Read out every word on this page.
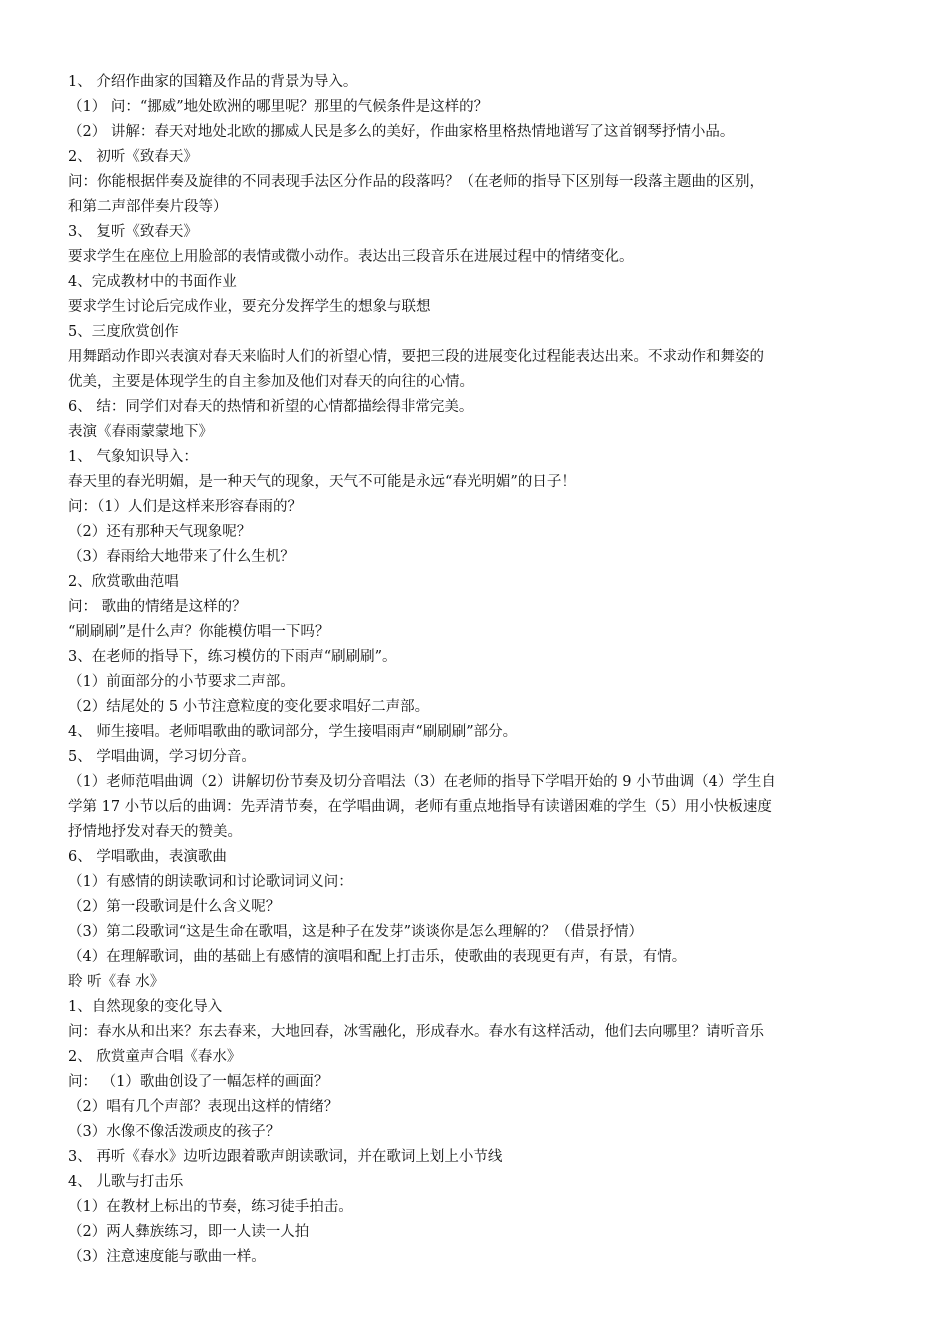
1、 介绍作曲家的国籍及作品的背景为导入。
（1） 问：“挪威”地处欧洲的哪里呢？那里的气候条件是这样的？
（2） 讲解：春天对地处北欧的挪威人民是多么的美好，作曲家格里格热情地谱写了这首钢琴抒情小品。
2、 初听《致春天》
问：你能根据伴奏及旋律的不同表现手法区分作品的段落吗？（在老师的指导下区别每一段落主题曲的区别，
和第二声部伴奏片段等）
3、 复听《致春天》
要求学生在座位上用脸部的表情或微小动作。表达出三段音乐在进展过程中的情绪变化。
4、完成教材中的书面作业
要求学生讨论后完成作业，要充分发挥学生的想象与联想
5、三度欣赏创作
用舞蹈动作即兴表演对春天来临时人们的祈望心情，要把三段的进展变化过程能表达出来。不求动作和舞姿的
优美，主要是体现学生的自主参加及他们对春天的向往的心情。
6、 结：同学们对春天的热情和祈望的心情都描绘得非常完美。
表演《春雨蒙蒙地下》
1、 气象知识导入：
春天里的春光明媚，是一种天气的现象，天气不可能是永远“春光明媚”的日子！
问：（1）人们是这样来形容春雨的？
（2）还有那种天气现象呢？
（3）春雨给大地带来了什么生机？
2、欣赏歌曲范唱
问： 歌曲的情绪是这样的？
“刷刷刷”是什么声？你能模仿唱一下吗？
3、在老师的指导下，练习模仿的下雨声“刷刷刷”。
（1）前面部分的小节要求二声部。
（2）结尾处的 5 小节注意粒度的变化要求唱好二声部。
4、 师生接唱。老师唱歌曲的歌词部分，学生接唱雨声“刷刷刷”部分。
5、 学唱曲调，学习切分音。
（1）老师范唱曲调（2）讲解切份节奏及切分音唱法（3）在老师的指导下学唱开始的 9 小节曲调（4）学生自
学第 17 小节以后的曲调：先弄清节奏，在学唱曲调，老师有重点地指导有读谱困难的学生（5）用小快板速度
抒情地抒发对春天的赞美。
6、 学唱歌曲，表演歌曲
（1）有感情的朗读歌词和讨论歌词词义问：
（2）第一段歌词是什么含义呢？
（3）第二段歌词“这是生命在歌唱，这是种子在发芽”谈谈你是怎么理解的？（借景抒情）
（4）在理解歌词，曲的基础上有感情的演唱和配上打击乐，使歌曲的表现更有声，有景，有情。
聆 听《春 水》
1、自然现象的变化导入
问：春水从和出来？东去春来，大地回春，冰雪融化，形成春水。春水有这样活动，他们去向哪里？请听音乐
2、 欣赏童声合唱《春水》
问： （1）歌曲创设了一幅怎样的画面？
（2）唱有几个声部？表现出这样的情绪？
（3）水像不像活泼顽皮的孩子？
3、 再听《春水》边听边跟着歌声朗读歌词，并在歌词上划上小节线
4、 儿歌与打击乐
（1）在教材上标出的节奏，练习徒手拍击。
（2）两人彝族练习，即一人读一人拍
（3）注意速度能与歌曲一样。
